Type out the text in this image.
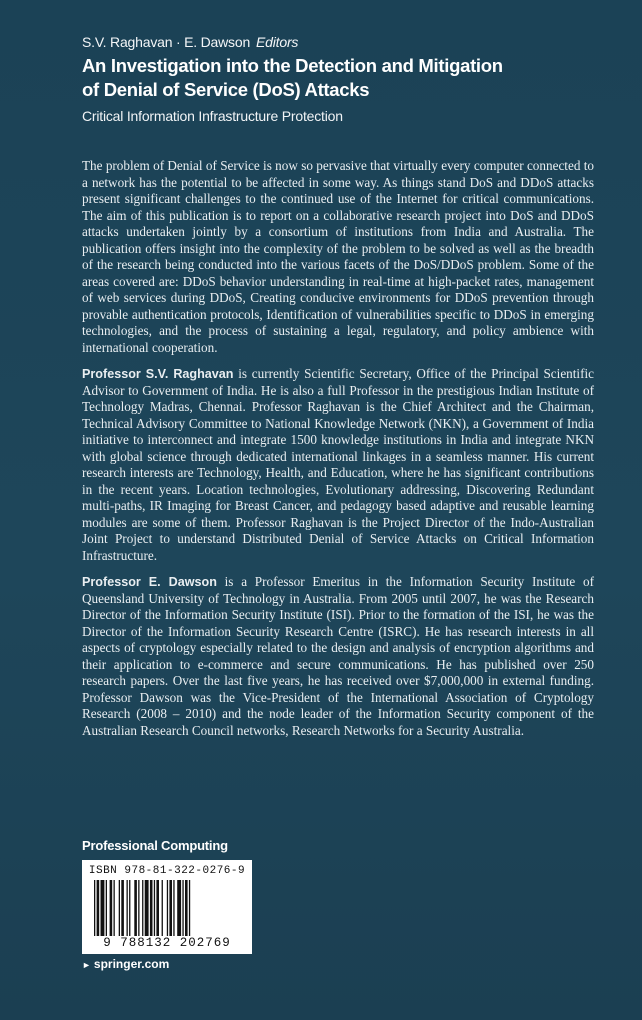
S.V. Raghavan · E. Dawson Editors
An Investigation into the Detection and Mitigation
of Denial of Service (DoS) Attacks
Critical Information Infrastructure Protection

The problem of Denial of Service is now so pervasive that virtually every computer connected to a network has the potential to be affected in some way. As things stand DoS and DDoS attacks present significant challenges to the continued use of the Internet for critical communications. The aim of this publication is to report on a collaborative research project into DoS and DDoS attacks undertaken jointly by a consortium of institutions from India and Australia. The publication offers insight into the complexity of the problem to be solved as well as the breadth of the research being conducted into the various facets of the DoS/DDoS problem. Some of the areas covered are: DDoS behavior understanding in real-time at high-packet rates, management of web services during DDoS, Creating conducive environments for DDoS prevention through provable authentication protocols, Identification of vulnerabilities specific to DDoS in emerging technologies, and the process of sustaining a legal, regulatory, and policy ambience with international cooperation.

Professor S.V. Raghavan is currently Scientific Secretary, Office of the Principal Scientific Advisor to Government of India. He is also a full Professor in the prestigious Indian Institute of Technology Madras, Chennai. Professor Raghavan is the Chief Architect and the Chairman, Technical Advisory Committee to National Knowledge Network (NKN), a Government of India initiative to interconnect and integrate 1500 knowledge institutions in India and integrate NKN with global science through dedicated international linkages in a seamless manner. His current research interests are Technology, Health, and Education, where he has significant contributions in the recent years. Location technologies, Evolutionary addressing, Discovering Redundant multi-paths, IR Imaging for Breast Cancer, and pedagogy based adaptive and reusable learning modules are some of them. Professor Raghavan is the Project Director of the Indo-Australian Joint Project to understand Distributed Denial of Service Attacks on Critical Information Infrastructure.

Professor E. Dawson is a Professor Emeritus in the Information Security Institute of Queensland University of Technology in Australia. From 2005 until 2007, he was the Research Director of the Information Security Institute (ISI). Prior to the formation of the ISI, he was the Director of the Information Security Research Centre (ISRC). He has research interests in all aspects of cryptology especially related to the design and analysis of encryption algorithms and their application to e-commerce and secure communications. He has published over 250 research papers. Over the last five years, he has received over $7,000,000 in external funding. Professor Dawson was the Vice-President of the International Association of Cryptology Research (2008 – 2010) and the node leader of the Information Security component of the Australian Research Council networks, Research Networks for a Security Australia.

Professional Computing
ISBN 978-81-322-0276-9
9 788132 202769
► springer.com
